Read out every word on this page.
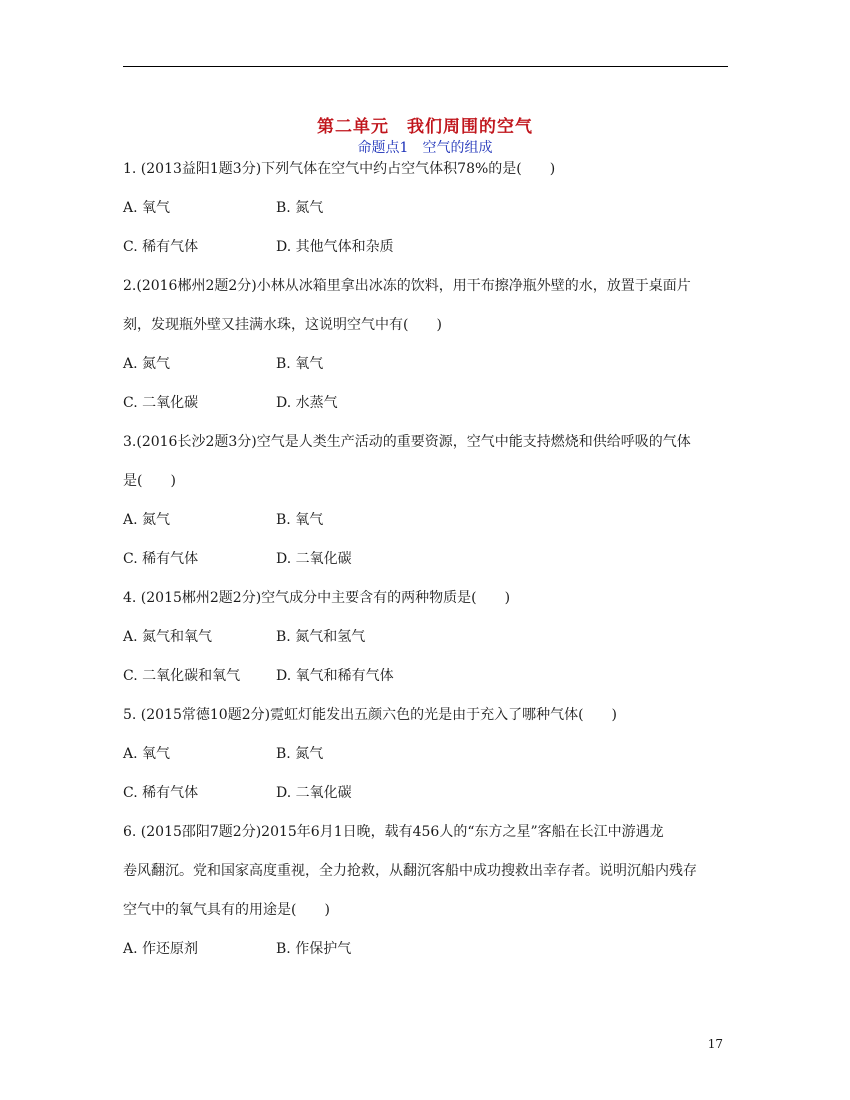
第二单元　我们周围的空气
命题点1　空气的组成
1. (2013益阳1题3分)下列气体在空气中约占空气体积78%的是(　　)
A. 氧气	B. 氮气
C. 稀有气体	D. 其他气体和杂质
2.(2016郴州2题2分)小林从冰箱里拿出冰冻的饮料，用干布擦净瓶外壁的水，放置于桌面片
刻，发现瓶外壁又挂满水珠，这说明空气中有(　　)
A. 氮气	B. 氧气
C. 二氧化碳	D. 水蒸气
3.(2016长沙2题3分)空气是人类生产活动的重要资源，空气中能支持燃烧和供给呼吸的气体
是(　　)
A. 氮气	B. 氧气
C. 稀有气体	D. 二氧化碳
4. (2015郴州2题2分)空气成分中主要含有的两种物质是(　　)
A. 氮气和氧气	B. 氮气和氢气
C. 二氧化碳和氧气	D. 氧气和稀有气体
5. (2015常德10题2分)霓虹灯能发出五颜六色的光是由于充入了哪种气体(　　)
A. 氧气	B. 氮气
C. 稀有气体	D. 二氧化碳
6. (2015邵阳7题2分)2015年6月1日晚，载有456人的“东方之星”客船在长江中游遇龙
卷风翻沉。党和国家高度重视，全力抢救，从翻沉客船中成功搜救出幸存者。说明沉船内残存
空气中的氧气具有的用途是(　　)
A. 作还原剂	B. 作保护气
17
